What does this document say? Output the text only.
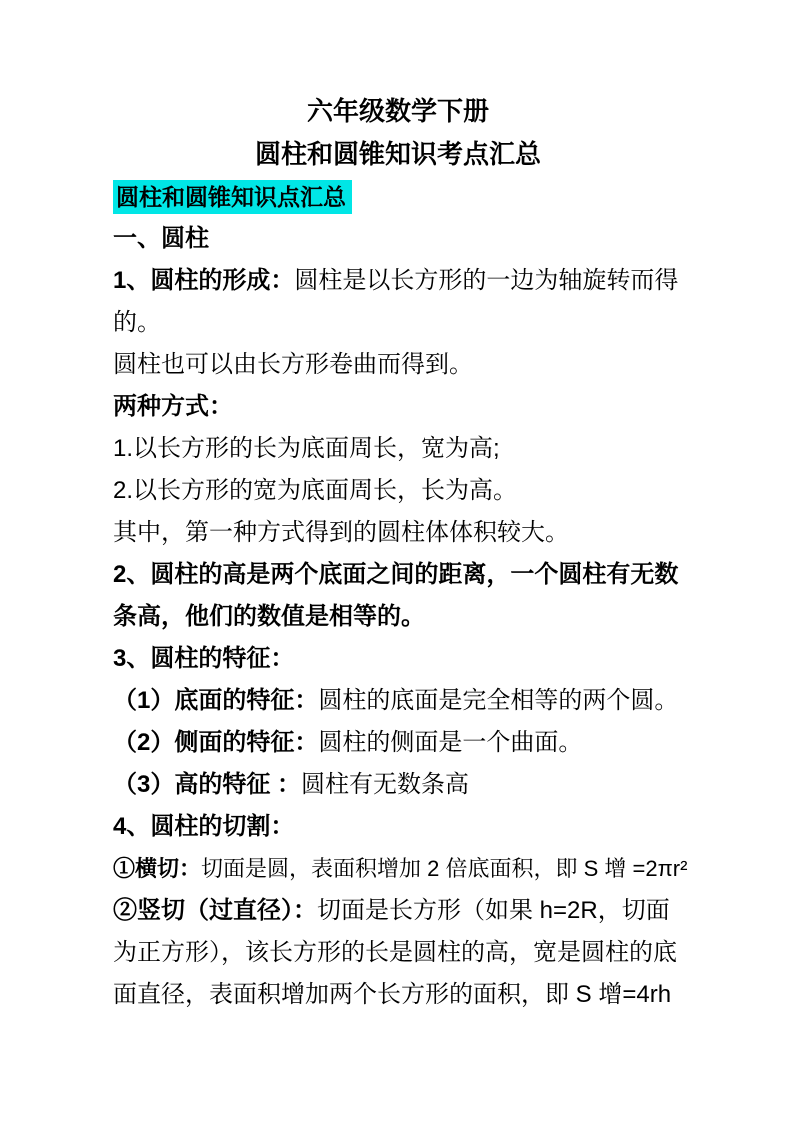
六年级数学下册
圆柱和圆锥知识考点汇总
圆柱和圆锥知识点汇总
一、圆柱
1、圆柱的形成：圆柱是以长方形的一边为轴旋转而得
的。
圆柱也可以由长方形卷曲而得到。
两种方式：
1.以长方形的长为底面周长，宽为高;
2.以长方形的宽为底面周长，长为高。
其中，第一种方式得到的圆柱体体积较大。
2、圆柱的高是两个底面之间的距离，一个圆柱有无数
条高，他们的数值是相等的。
3、圆柱的特征：
（1）底面的特征：圆柱的底面是完全相等的两个圆。
（2）侧面的特征：圆柱的侧面是一个曲面。
（3）高的特征 ：圆柱有无数条高
4、圆柱的切割：
①横切：切面是圆，表面积增加 2 倍底面积，即 S 增 =2πr²
②竖切（过直径）：切面是长方形（如果 h=2R，切面
为正方形），该长方形的长是圆柱的高，宽是圆柱的底
面直径，表面积增加两个长方形的面积，即 S 增=4rh
